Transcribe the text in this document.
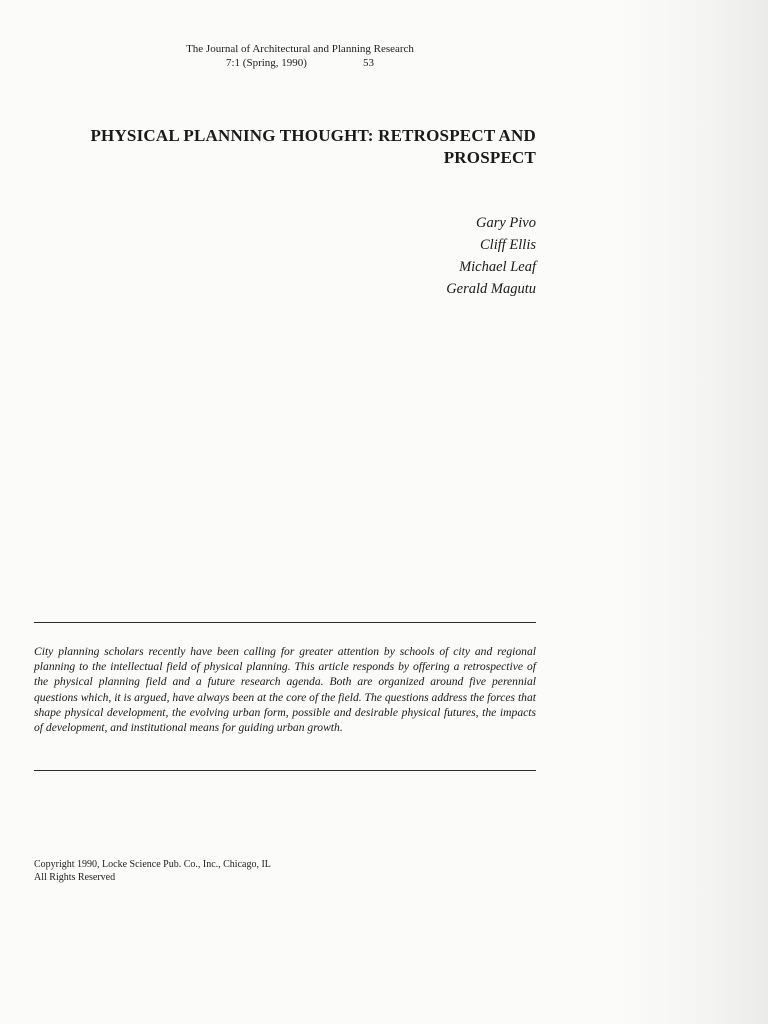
The Journal of Architectural and Planning Research

7:1 (Spring, 1990)	53
PHYSICAL PLANNING THOUGHT: RETROSPECT AND
PROSPECT
Gary Pivo
Cliff Ellis
Michael Leaf
Gerald Magutu
City planning scholars recently have been calling for greater attention by schools of city and regional planning to the intellectual field of physical planning. This article responds by offering a retrospective of the physical planning field and a future research agenda. Both are organized around five perennial questions which, it is argued, have always been at the core of the field. The questions address the forces that shape physical development, the evolving urban form, possible and desirable physical futures, the impacts of development, and institutional means for guiding urban growth.
Copyright 1990, Locke Science Pub. Co., Inc., Chicago, IL
All Rights Reserved
